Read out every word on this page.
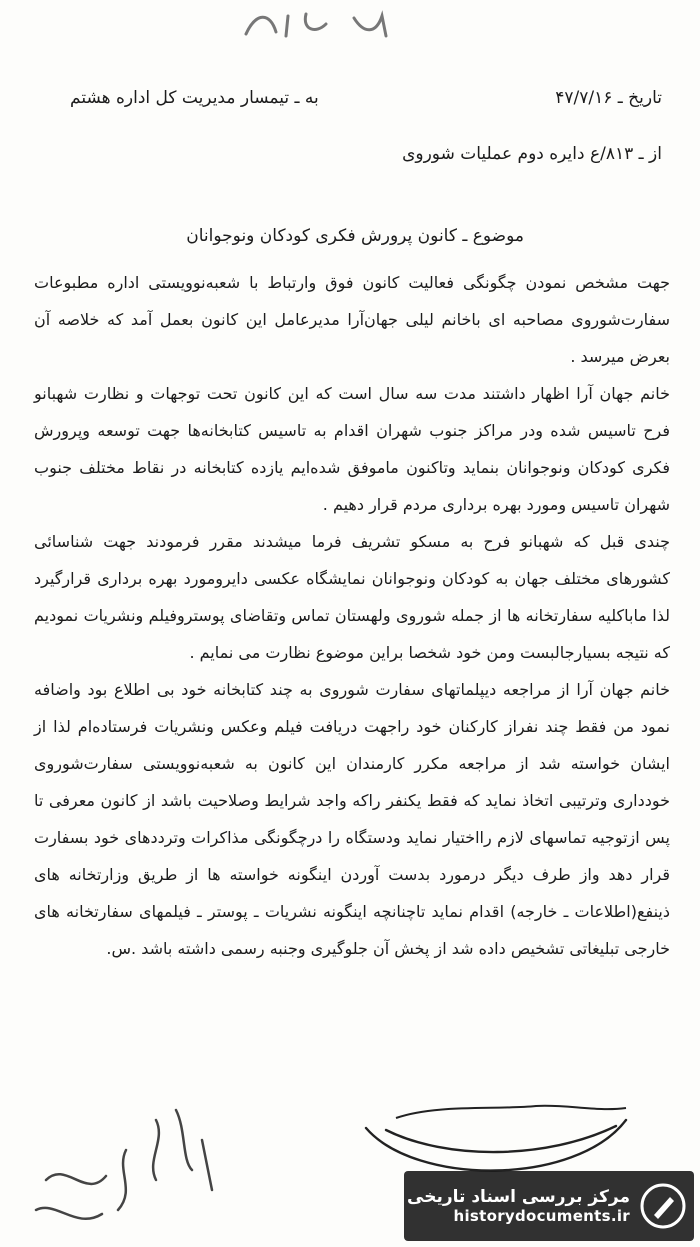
به ـ تیمسار مدیریت کل اداره هشتم	تاریخ ـ ۴۷/۷/۱۶
از ـ ۸۱۳/ع دایره دوم عملیات شوروی
موضوع ـ کانون پرورش فکری کودکان ونوجوانان

جهت مشخص نمودن چگونگی فعالیت کانون فوق وارتباط با شعبه‌نوویستی اداره مطبوعات سفارت‌شوروی مصاحبه ای باخانم لیلی جهان‌آرا مدیرعامل این کانون بعمل آمد که خلاصه آن بعرض میرسد .

خانم جهان آرا اظهار داشتند مدت سه سال است که این کانون تحت توجهات و نظارت شهبانو فرح تاسیس شده ودر مراکز جنوب شهران اقدام به تاسیس کتابخانه‌ها جهت توسعه وپرورش فکری کودکان ونوجوانان بنماید وتاکنون ماموفق شده‌ایم یازده کتابخانه در نقاط مختلف جنوب شهران تاسیس ومورد بهره برداری مردم قرار دهیم .

چندی قبل که شهبانو فرح به مسکو تشریف فرما میشدند مقرر فرمودند جهت شناسائی کشورهای مختلف جهان به کودکان ونوجوانان نمایشگاه عکسی دایرومورد بهره برداری قرارگیرد لذا ماباکلیه سفارتخانه ها از جمله شوروی ولهستان تماس وتقاضای پوستروفیلم ونشریات نمودیم که نتیجه بسیارجالبست ومن خود شخصا براین موضوع نظارت می نمایم .

خانم جهان آرا از مراجعه دیپلماتهای سفارت شوروی به چند کتابخانه خود بی اطلاع بود واضافه نمود من فقط چند نفراز کارکنان خود راجهت دریافت فیلم وعکس ونشریات فرستاده‌ام لذا از ایشان خواسته شد از مراجعه مکرر کارمندان این کانون به شعبه‌نوویستی سفارت‌شوروی خودداری وترتیبی اتخاذ نماید که فقط یکنفر راکه واجد شرایط وصلاحیت باشد از کانون معرفی تا پس ازتوجیه تماسهای لازم رااختیار نماید ودستگاه را درچگونگی مذاکرات وترددهای خود بسفارت قرار دهد واز طرف دیگر درمورد بدست آوردن اینگونه خواسته ها از طریق وزارتخانه های ذینفع(اطلاعات ـ خارجه) اقدام نماید تاچنانچه اینگونه نشریات ـ پوستر ـ فیلمهای سفارتخانه های خارجی تبلیغاتی تشخیص داده شد از پخش آن جلوگیری وجنبه رسمی داشته باشد .س.

مرکز بررسی اسناد تاریخی
historydocuments.ir
